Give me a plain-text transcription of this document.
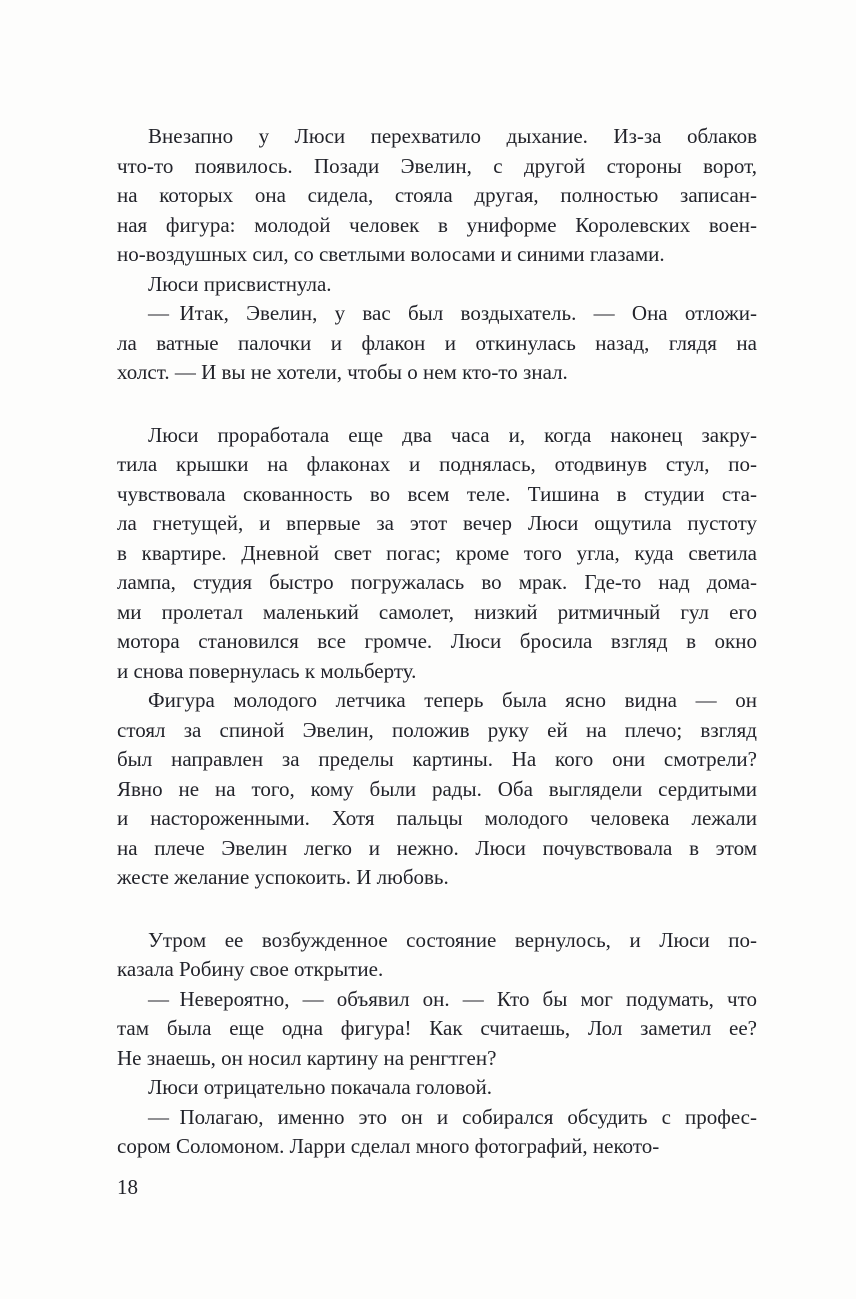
Внезапно у Люси перехватило дыхание. Из-за облаков
что-то появилось. Позади Эвелин, с другой стороны ворот,
на которых она сидела, стояла другая, полностью записан-
ная фигура: молодой человек в униформе Королевских воен-
но-воздушных сил, со светлыми волосами и синими глазами.
Люси присвистнула.
— Итак, Эвелин, у вас был воздыхатель. — Она отложи-
ла ватные палочки и флакон и откинулась назад, глядя на
холст. — И вы не хотели, чтобы о нем кто-то знал.
Люси проработала еще два часа и, когда наконец закру-
тила крышки на флаконах и поднялась, отодвинув стул, по-
чувствовала скованность во всем теле. Тишина в студии ста-
ла гнетущей, и впервые за этот вечер Люси ощутила пустоту
в квартире. Дневной свет погас; кроме того угла, куда светила
лампа, студия быстро погружалась во мрак. Где-то над дома-
ми пролетал маленький самолет, низкий ритмичный гул его
мотора становился все громче. Люси бросила взгляд в окно
и снова повернулась к мольберту.
Фигура молодого летчика теперь была ясно видна — он
стоял за спиной Эвелин, положив руку ей на плечо; взгляд
был направлен за пределы картины. На кого они смотрели?
Явно не на того, кому были рады. Оба выглядели сердитыми
и настороженными. Хотя пальцы молодого человека лежали
на плече Эвелин легко и нежно. Люси почувствовала в этом
жесте желание успокоить. И любовь.
Утром ее возбужденное состояние вернулось, и Люси по-
казала Робину свое открытие.
— Невероятно, — объявил он. — Кто бы мог подумать, что
там была еще одна фигура! Как считаешь, Лол заметил ее?
Не знаешь, он носил картину на ренгтген?
Люси отрицательно покачала головой.
— Полагаю, именно это он и собирался обсудить с профес-
сором Соломоном. Ларри сделал много фотографий, некото-
18
